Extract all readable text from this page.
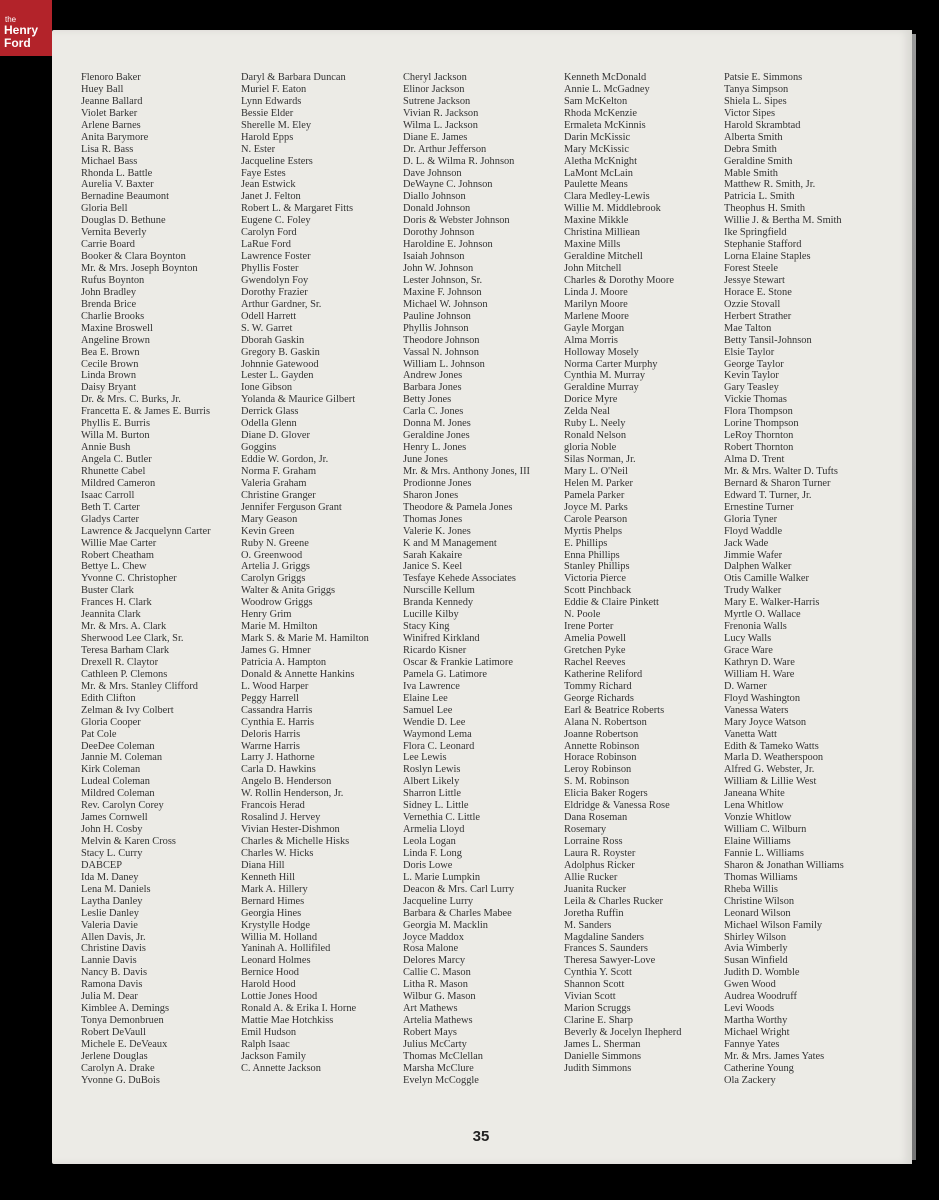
the
Henry
Ford
Flenoro Baker
Huey Ball
Jeanne Ballard
Violet Barker
Arlene Barnes
Anita Barymore
Lisa R. Bass
Michael Bass
Rhonda L. Battle
Aurelia V. Baxter
Bernadine Beaumont
Gloria Bell
Douglas D. Bethune
Vernita Beverly
Carrie Board
Booker & Clara Boynton
Mr. & Mrs. Joseph Boynton
Rufus Boynton
John Bradley
Brenda Brice
Charlie Brooks
Maxine Broswell
Angeline Brown
Bea E. Brown
Cecile Brown
Linda Brown
Daisy Bryant
Dr. & Mrs. C. Burks, Jr.
Francetta E. & James E. Burris
Phyllis E. Burris
Willa M. Burton
Annie Bush
Angela C. Butler
Rhunette Cabel
Mildred Cameron
Isaac Carroll
Beth T. Carter
Gladys Carter
Lawrence & Jacquelynn Carter
Willie Mae Carter
Robert Cheatham
Bettye L. Chew
Yvonne C. Christopher
Buster Clark
Frances H. Clark
Jeannita Clark
Mr. & Mrs. A. Clark
Sherwood Lee Clark, Sr.
Teresa Barham Clark
Drexell R. Claytor
Cathleen P. Clemons
Mr. & Mrs. Stanley Clifford
Edith Clifton
Zelman & Ivy Colbert
Gloria Cooper
Pat Cole
DeeDee Coleman
Jannie M. Coleman
Kirk Coleman
Ludeal Coleman
Mildred Coleman
Rev. Carolyn Corey
James Cornwell
John H. Cosby
Melvin & Karen Cross
Stacy L. Curry
DABCEP
Ida M. Daney
Lena M. Daniels
Laytha Danley
Leslie Danley
Valeria Davie
Allen Davis, Jr.
Christine Davis
Lannie Davis
Nancy B. Davis
Ramona Davis
Julia M. Dear
Kimblee A. Demings
Tonya Demonbruen
Robert DeVaull
Michele E. DeVeaux
Jerlene Douglas
Carolyn A. Drake
Yvonne G. DuBois
Daryl & Barbara Duncan
Muriel F. Eaton
Lynn Edwards
Bessie Elder
Sherelle M. Eley
Harold Epps
N. Ester
Jacqueline Esters
Faye Estes
Jean Estwick
Janet J. Felton
Robert L. & Margaret Fitts
Eugene C. Foley
Carolyn Ford
LaRue Ford
Lawrence Foster
Phyllis Foster
Gwendolyn Foy
Dorothy Frazier
Arthur Gardner, Sr.
Odell Harrett
S. W. Garret
Dborah Gaskin
Gregory B. Gaskin
Johnnie Gatewood
Lester L. Gayden
Ione Gibson
Yolanda & Maurice Gilbert
Derrick Glass
Odella Glenn
Diane D. Glover
Goggins
Eddie W. Gordon, Jr.
Norma F. Graham
Valeria Graham
Christine Granger
Jennifer Ferguson Grant
Mary Geason
Kevin Green
Ruby N. Greene
O. Greenwood
Artelia J. Griggs
Carolyn Griggs
Walter & Anita Griggs
Woodrow Griggs
Henry Grim
Marie M. Hmilton
Mark S. & Marie M. Hamilton
James G. Hmner
Patricia A. Hampton
Donald & Annette Hankins
L. Wood Harper
Peggy Harrell
Cassandra Harris
Cynthia E. Harris
Deloris Harris
Warrne Harris
Larry J. Hathorne
Carla D. Hawkins
Angelo B. Henderson
W. Rollin Henderson, Jr.
Francois Herad
Rosalind J. Hervey
Vivian Hester-Dishmon
Charles & Michelle Hisks
Charles W. Hicks
Diana Hill
Kenneth Hill
Mark A. Hillery
Bernard Himes
Georgia Hines
Krystylle Hodge
Willia M. Holland
Yaninah A. Hollifiled
Leonard Holmes
Bernice Hood
Harold Hood
Lottie Jones Hood
Ronald A. & Erika I. Horne
Mattie Mae Hotchkiss
Emil Hudson
Ralph Isaac
Jackson Family
C. Annette Jackson
Cheryl Jackson
Elinor Jackson
Sutrene Jackson
Vivian R. Jackson
Wilma L. Jackson
Diane E. James
Dr. Arthur Jefferson
D. L. & Wilma R. Johnson
Dave Johnson
DeWayne C. Johnson
Diallo Johnson
Donald Johnson
Doris & Webster Johnson
Dorothy Johnson
Haroldine E. Johnson
Isaiah Johnson
John W. Johnson
Lester Johnson, Sr.
Maxine F. Johnson
Michael W. Johnson
Pauline Johnson
Phyllis Johnson
Theodore Johnson
Vassal N. Johnson
William L. Johnson
Andrew Jones
Barbara Jones
Betty Jones
Carla C. Jones
Donna M. Jones
Geraldine Jones
Henry L. Jones
June Jones
Mr. & Mrs. Anthony Jones, III
Prodionne Jones
Sharon Jones
Theodore & Pamela Jones
Thomas Jones
Valerie K. Jones
K and M Management
Sarah Kakaire
Janice S. Keel
Tesfaye Kehede Associates
Nurscille Kellum
Branda Kennedy
Lucille Kilby
Stacy King
Winifred Kirkland
Ricardo Kisner
Oscar & Frankie Latimore
Pamela G. Latimore
Iva Lawrence
Elaine Lee
Samuel Lee
Wendie D. Lee
Waymond Lema
Flora C. Leonard
Lee Lewis
Roslyn Lewis
Albert Likely
Sharron Little
Sidney L. Little
Vernethia C. Little
Armelia Lloyd
Leola Logan
Linda F. Long
Doris Lowe
L. Marie Lumpkin
Deacon & Mrs. Carl Lurry
Jacqueline Lurry
Barbara & Charles Mabee
Georgia M. Macklin
Joyce Maddox
Rosa Malone
Delores Marcy
Callie C. Mason
Litha R. Mason
Wilbur G. Mason
Art Mathews
Artelia Mathews
Robert Mays
Julius McCarty
Thomas McClellan
Marsha McClure
Evelyn McCoggle
Kenneth McDonald
Annie L. McGadney
Sam McKelton
Rhoda McKenzie
Ermaleta McKinnis
Darin McKissic
Mary McKissic
Aletha McKnight
LaMont McLain
Paulette Means
Clara Medley-Lewis
Willie M. Middlebrook
Maxine Mikkle
Christina Milliean
Maxine Mills
Geraldine Mitchell
John Mitchell
Charles & Dorothy Moore
Linda J. Moore
Marilyn Moore
Marlene Moore
Gayle Morgan
Alma Morris
Holloway Mosely
Norma Carter Murphy
Cynthia M. Murray
Geraldine Murray
Dorice Myre
Zelda Neal
Ruby L. Neely
Ronald Nelson
gloria Noble
Silas Norman, Jr.
Mary L. O'Neil
Helen M. Parker
Pamela Parker
Joyce M. Parks
Carole Pearson
Myrtis Phelps
E. Phillips
Enna Phillips
Stanley Phillips
Victoria Pierce
Scott Pinchback
Eddie & Claire Pinkett
N. Poole
Irene Porter
Amelia Powell
Gretchen Pyke
Rachel Reeves
Katherine Reliford
Tommy Richard
George Richards
Earl & Beatrice Roberts
Alana N. Robertson
Joanne Robertson
Annette Robinson
Horace Robinson
Leroy Robinson
S. M. Robinson
Elicia Baker Rogers
Eldridge & Vanessa Rose
Dana Roseman
Rosemary
Lorraine Ross
Laura R. Royster
Adolphus Ricker
Allie Rucker
Juanita Rucker
Leila & Charles Rucker
Joretha Ruffin
M. Sanders
Magdaline Sanders
Frances S. Saunders
Theresa Sawyer-Love
Cynthia Y. Scott
Shannon Scott
Vivian Scott
Marion Scruggs
Clarine E. Sharp
Beverly & Jocelyn Ihepherd
James L. Sherman
Danielle Simmons
Judith Simmons
Patsie E. Simmons
Tanya Simpson
Shiela L. Sipes
Victor Sipes
Harold Skrambtad
Alberta Smith
Debra Smith
Geraldine Smith
Mable Smith
Matthew R. Smith, Jr.
Patricia L. Smith
Theophus H. Smith
Willie J. & Bertha M. Smith
Ike Springfield
Stephanie Stafford
Lorna Elaine Staples
Forest Steele
Jessye Stewart
Horace E. Stone
Ozzie Stovall
Herbert Strather
Mae Talton
Betty Tansil-Johnson
Elsie Taylor
George Taylor
Kevin Taylor
Gary Teasley
Vickie Thomas
Flora Thompson
Lorine Thompson
LeRoy Thornton
Robert Thornton
Alma D. Trent
Mr. & Mrs. Walter D. Tufts
Bernard & Sharon Turner
Edward T. Turner, Jr.
Ernestine Turner
Gloria Tyner
Floyd Waddle
Jack Wade
Jimmie Wafer
Dalphen Walker
Otis Camille Walker
Trudy Walker
Mary E. Walker-Harris
Myrtle O. Wallace
Frenonia Walls
Lucy Walls
Grace Ware
Kathryn D. Ware
William H. Ware
D. Warner
Floyd Washington
Vanessa Waters
Mary Joyce Watson
Vanetta Watt
Edith & Tameko Watts
Marla D. Weatherspoon
Alfred G. Webster, Jr.
William & Lillie West
Janeana White
Lena Whitlow
Vonzie Whitlow
William C. Wilburn
Elaine Williams
Fannie L. Williams
Sharon & Jonathan Williams
Thomas Williams
Rheba Willis
Christine Wilson
Leonard Wilson
Michael Wilson Family
Shirley Wilson
Avia Wimberly
Susan Winfield
Judith D. Womble
Gwen Wood
Audrea Woodruff
Levi Woods
Martha Worthy
Michael Wright
Fannye Yates
Mr. & Mrs. James Yates
Catherine Young
Ola Zackery
35
